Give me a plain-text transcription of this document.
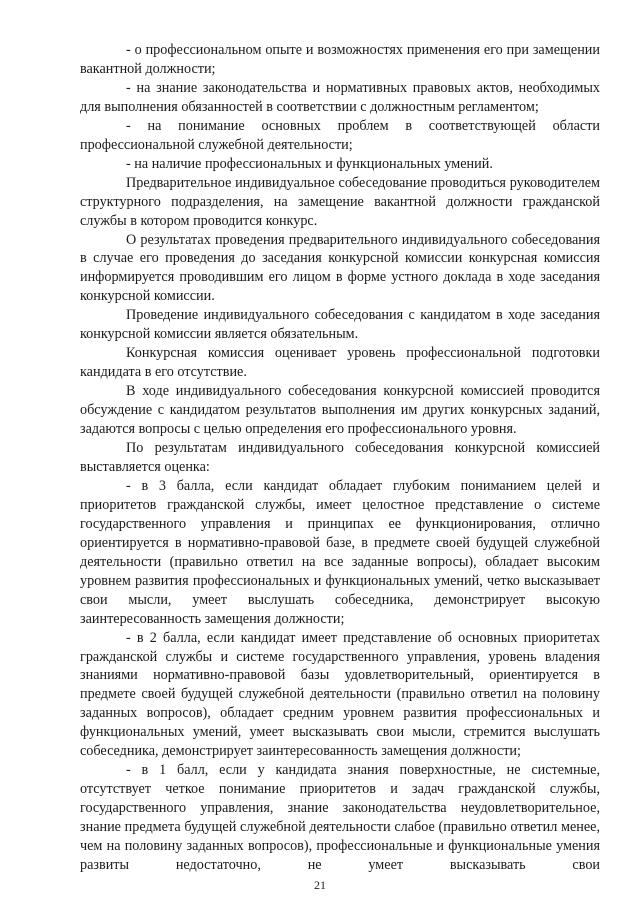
- о профессиональном опыте и возможностях применения его при замещении вакантной должности;

- на знание законодательства и нормативных правовых актов, необходимых для выполнения обязанностей в соответствии с должностным регламентом;

- на понимание основных проблем в соответствующей области профессиональной служебной деятельности;

- на наличие профессиональных и функциональных умений.

Предварительное индивидуальное собеседование проводиться руководителем структурного подразделения, на замещение вакантной должности гражданской службы в котором проводится конкурс.

О результатах проведения предварительного индивидуального собеседования в случае его проведения до заседания конкурсной комиссии конкурсная комиссия информируется проводившим его лицом в форме устного доклада в ходе заседания конкурсной комиссии.

Проведение индивидуального собеседования с кандидатом в ходе заседания конкурсной комиссии является обязательным.

Конкурсная комиссия оценивает уровень профессиональной подготовки кандидата в его отсутствие.

В ходе индивидуального собеседования конкурсной комиссией проводится обсуждение с кандидатом результатов выполнения им других конкурсных заданий, задаются вопросы с целью определения его профессионального уровня.

По результатам индивидуального собеседования конкурсной комиссией выставляется оценка:

- в 3 балла, если кандидат обладает глубоким пониманием целей и приоритетов гражданской службы, имеет целостное представление о системе государственного управления и принципах ее функционирования, отлично ориентируется в нормативно-правовой базе, в предмете своей будущей служебной деятельности (правильно ответил на все заданные вопросы), обладает высоким уровнем развития профессиональных и функциональных умений, четко высказывает свои мысли, умеет выслушать собеседника, демонстрирует высокую заинтересованность замещения должности;

- в 2 балла, если кандидат имеет представление об основных приоритетах гражданской службы и системе государственного управления, уровень владения знаниями нормативно-правовой базы удовлетворительный, ориентируется в предмете своей будущей служебной деятельности (правильно ответил на половину заданных вопросов), обладает средним уровнем развития профессиональных и функциональных умений, умеет высказывать свои мысли, стремится выслушать собеседника, демонстрирует заинтересованность замещения должности;

- в 1 балл, если у кандидата знания поверхностные, не системные, отсутствует четкое понимание приоритетов и задач гражданской службы, государственного управления, знание законодательства неудовлетворительное, знание предмета будущей служебной деятельности слабое (правильно ответил менее, чем на половину заданных вопросов), профессиональные и функциональные умения развиты недостаточно, не умеет высказывать свои

21
